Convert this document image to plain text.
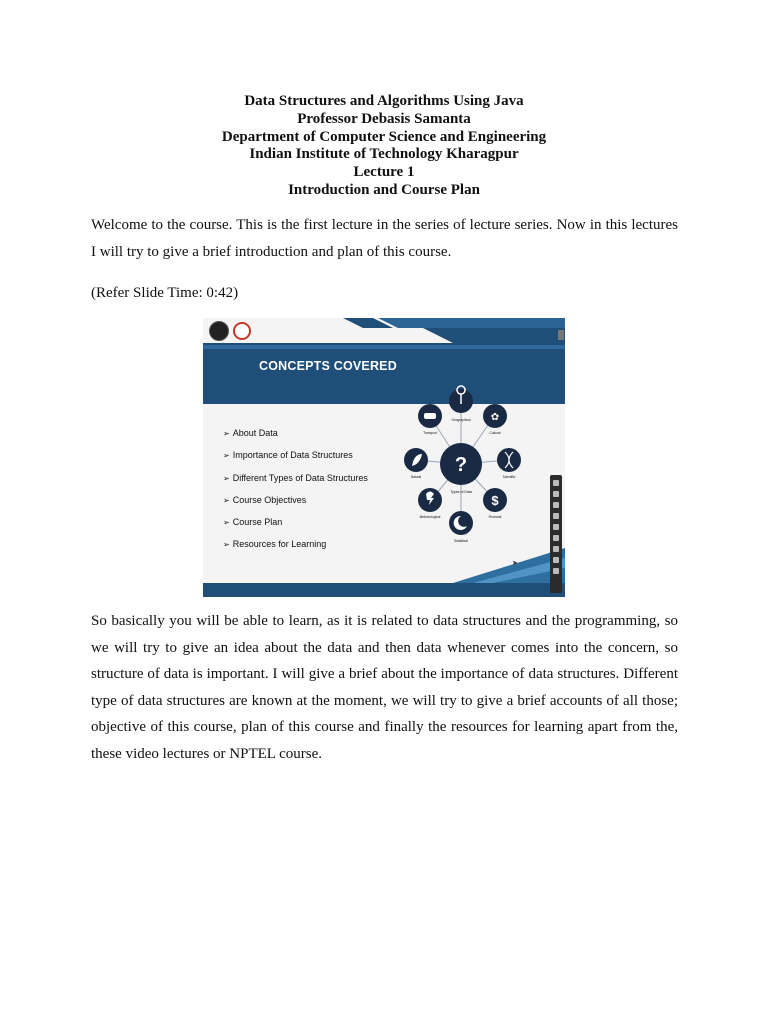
Data Structures and Algorithms Using Java
Professor Debasis Samanta
Department of Computer Science and Engineering
Indian Institute of Technology Kharagpur
Lecture 1
Introduction and Course Plan

Welcome to the course. This is the first lecture in the series of lecture series. Now in this lectures I will try to give a brief introduction and plan of this course.

(Refer Slide Time: 0:42)

?
Types of Data
✿
$
Geographical
Cultural
Scientific
Financial
Statistical
Meteorological
Natural
Transport
CONCEPTS COVERED
➢ About Data
➢ Importance of Data Structures
➢ Different Types of Data Structures
➢ Course Objectives
➢ Course Plan
➢ Resources for Learning
➤

So basically you will be able to learn, as it is related to data structures and the programming, so we will try to give an idea about the data and then data whenever comes into the concern, so structure of data is important. I will give a brief about the importance of data structures. Different type of data structures are known at the moment, we will try to give a brief accounts of all those; objective of this course, plan of this course and finally the resources for learning apart from the, these video lectures or NPTEL course.
